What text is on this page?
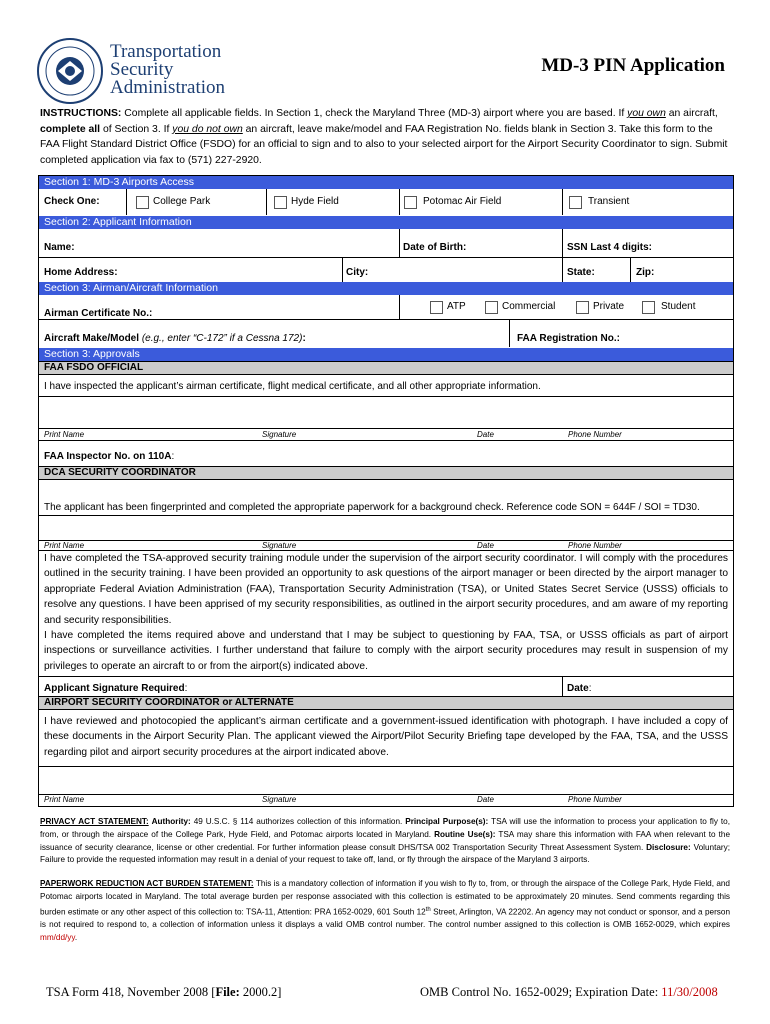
Transportation
Security
Administration
MD-3 PIN Application
INSTRUCTIONS: Complete all applicable fields. In Section 1, check the Maryland Three (MD-3) airport where you are based. If you own an aircraft, complete all of Section 3. If you do not own an aircraft, leave make/model and FAA Registration No. fields blank in Section 3. Take this form to the FAA Flight Standard District Office (FSDO) for an official to sign and to also to your selected airport for the Airport Security Coordinator to sign. Submit completed application via fax to (571) 227-2920.
Section 1: MD-3 Airports Access
Check One:	College Park	Hyde Field	Potomac Air Field	Transient
Section 2: Applicant Information
Name:	Date of Birth:	SSN Last 4 digits:
Home Address:	City:	State:	Zip:
Section 3: Airman/Aircraft Information
ATP	Commercial	Private	Student
Airman Certificate No.:
Aircraft Make/Model (e.g., enter “C-172” if a Cessna 172):	FAA Registration No.:
Section 3: Approvals
FAA FSDO OFFICIAL
I have inspected the applicant’s airman certificate, flight medical certificate, and all other appropriate information.
Print Name	Signature	Date	Phone Number
FAA Inspector No. on 110A:
DCA SECURITY COORDINATOR
The applicant has been fingerprinted and completed the appropriate paperwork for a background check. Reference code SON = 644F / SOI = TD30.
Print Name	Signature	Date	Phone Number
I have completed the TSA-approved security training module under the supervision of the airport security coordinator. I will comply with the procedures outlined in the security training. I have been provided an opportunity to ask questions of the airport manager or been directed by the airport manager to appropriate Federal Aviation Administration (FAA), Transportation Security Administration (TSA), or United States Secret Service (USSS) officials to resolve any questions. I have been apprised of my security responsibilities, as outlined in the airport security procedures, and am aware of my reporting and security responsibilities.
I have completed the items required above and understand that I may be subject to questioning by FAA, TSA, or USSS officials as part of airport inspections or surveillance activities. I further understand that failure to comply with the airport security procedures may result in suspension of my privileges to operate an aircraft to or from the airport(s) indicated above.
Applicant Signature Required:	Date:
AIRPORT SECURITY COORDINATOR or ALTERNATE
I have reviewed and photocopied the applicant’s airman certificate and a government-issued identification with photograph. I have included a copy of these documents in the Airport Security Plan. The applicant viewed the Airport/Pilot Security Briefing tape developed by the FAA, TSA, and the USSS regarding pilot and airport security procedures at the airport indicated above.
Print Name	Signature	Date	Phone Number
PRIVACY ACT STATEMENT: Authority: 49 U.S.C. § 114 authorizes collection of this information. Principal Purpose(s): TSA will use the information to process your application to fly to, from, or through the airspace of the College Park, Hyde Field, and Potomac airports located in Maryland. Routine Use(s): TSA may share this information with FAA when relevant to the issuance of security clearance, license or other credential. For further information please consult DHS/TSA 002 Transportation Security Threat Assessment System. Disclosure: Voluntary; Failure to provide the requested information may result in a denial of your request to take off, land, or fly through the airspace of the Maryland 3 airports.
PAPERWORK REDUCTION ACT BURDEN STATEMENT: This is a mandatory collection of information if you wish to fly to, from, or through the airspace of the College Park, Hyde Field, and Potomac airports located in Maryland. The total average burden per response associated with this collection is estimated to be approximately 20 minutes. Send comments regarding this burden estimate or any other aspect of this collection to: TSA-11, Attention: PRA 1652-0029, 601 South 12th Street, Arlington, VA 22202. An agency may not conduct or sponsor, and a person is not required to respond to, a collection of information unless it displays a valid OMB control number. The control number assigned to this collection is OMB 1652-0029, which expires mm/dd/yy.
TSA Form 418, November 2008 [File: 2000.2]	OMB Control No. 1652-0029; Expiration Date: 11/30/2008
